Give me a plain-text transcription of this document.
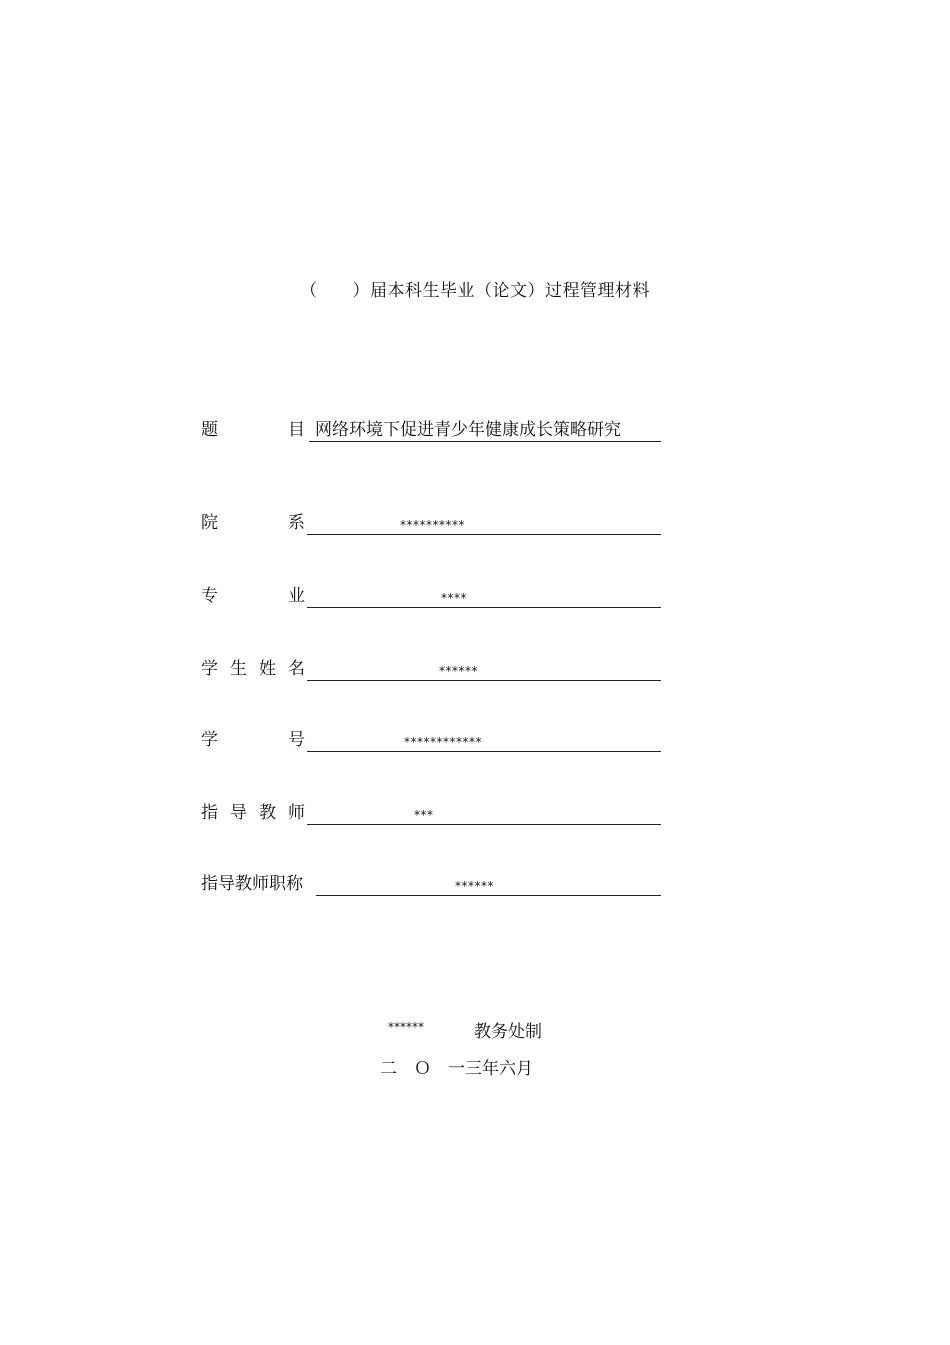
（　　）届本科生毕业（论文）过程管理材料
题　　　目 网络环境下促进青少年健康成长策略研究
院　　　系	**********
专　　　业	****
学生姓名	******
学　　　号	************
指导教师	***
指导教师职称	******
******	教务处制
二　Ｏ　一三年六月
